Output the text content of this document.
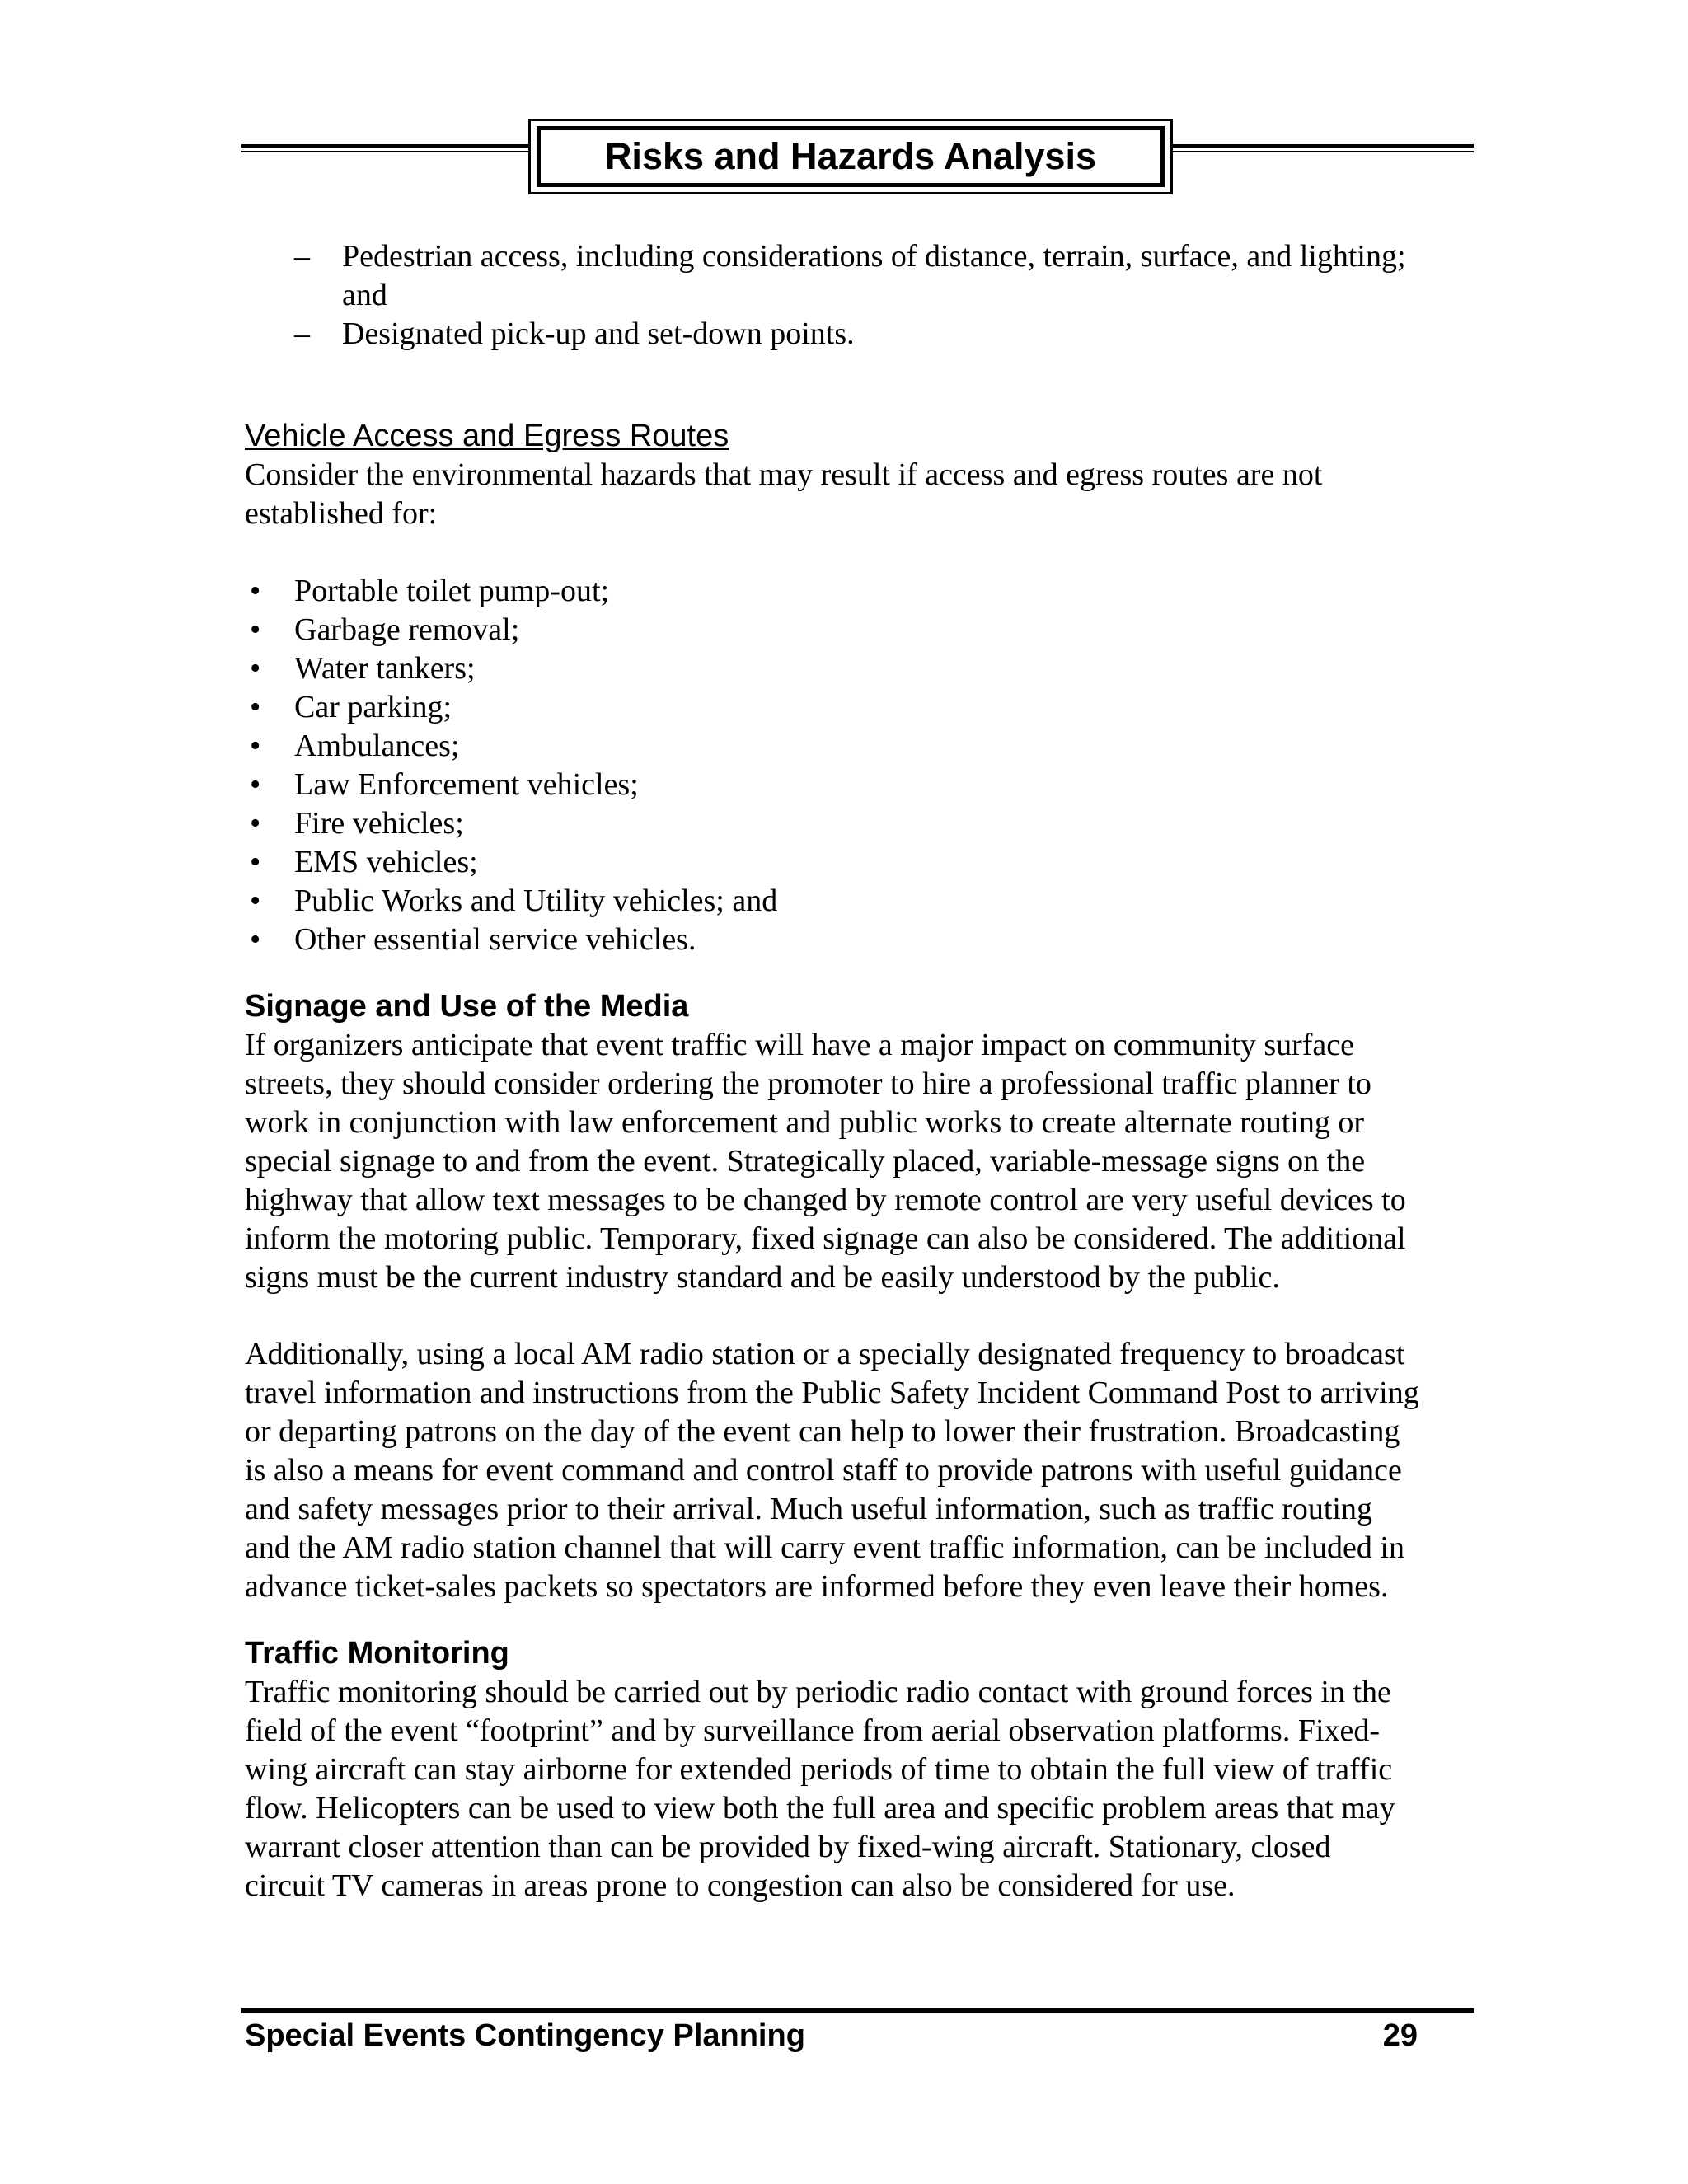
Risks and Hazards Analysis
– Pedestrian access, including considerations of distance, terrain, surface, and lighting;
and
– Designated pick-up and set-down points.
Vehicle Access and Egress Routes
Consider the environmental hazards that may result if access and egress routes are not
established for:
• Portable toilet pump-out;
• Garbage removal;
• Water tankers;
• Car parking;
• Ambulances;
• Law Enforcement vehicles;
• Fire vehicles;
• EMS vehicles;
• Public Works and Utility vehicles; and
• Other essential service vehicles.
Signage and Use of the Media
If organizers anticipate that event traffic will have a major impact on community surface
streets, they should consider ordering the promoter to hire a professional traffic planner to
work in conjunction with law enforcement and public works to create alternate routing or
special signage to and from the event. Strategically placed, variable-message signs on the
highway that allow text messages to be changed by remote control are very useful devices to
inform the motoring public. Temporary, fixed signage can also be considered. The additional
signs must be the current industry standard and be easily understood by the public.
Additionally, using a local AM radio station or a specially designated frequency to broadcast
travel information and instructions from the Public Safety Incident Command Post to arriving
or departing patrons on the day of the event can help to lower their frustration. Broadcasting
is also a means for event command and control staff to provide patrons with useful guidance
and safety messages prior to their arrival. Much useful information, such as traffic routing
and the AM radio station channel that will carry event traffic information, can be included in
advance ticket-sales packets so spectators are informed before they even leave their homes.
Traffic Monitoring
Traffic monitoring should be carried out by periodic radio contact with ground forces in the
field of the event “footprint” and by surveillance from aerial observation platforms. Fixed-
wing aircraft can stay airborne for extended periods of time to obtain the full view of traffic
flow. Helicopters can be used to view both the full area and specific problem areas that may
warrant closer attention than can be provided by fixed-wing aircraft. Stationary, closed
circuit TV cameras in areas prone to congestion can also be considered for use.
Special Events Contingency Planning	29
